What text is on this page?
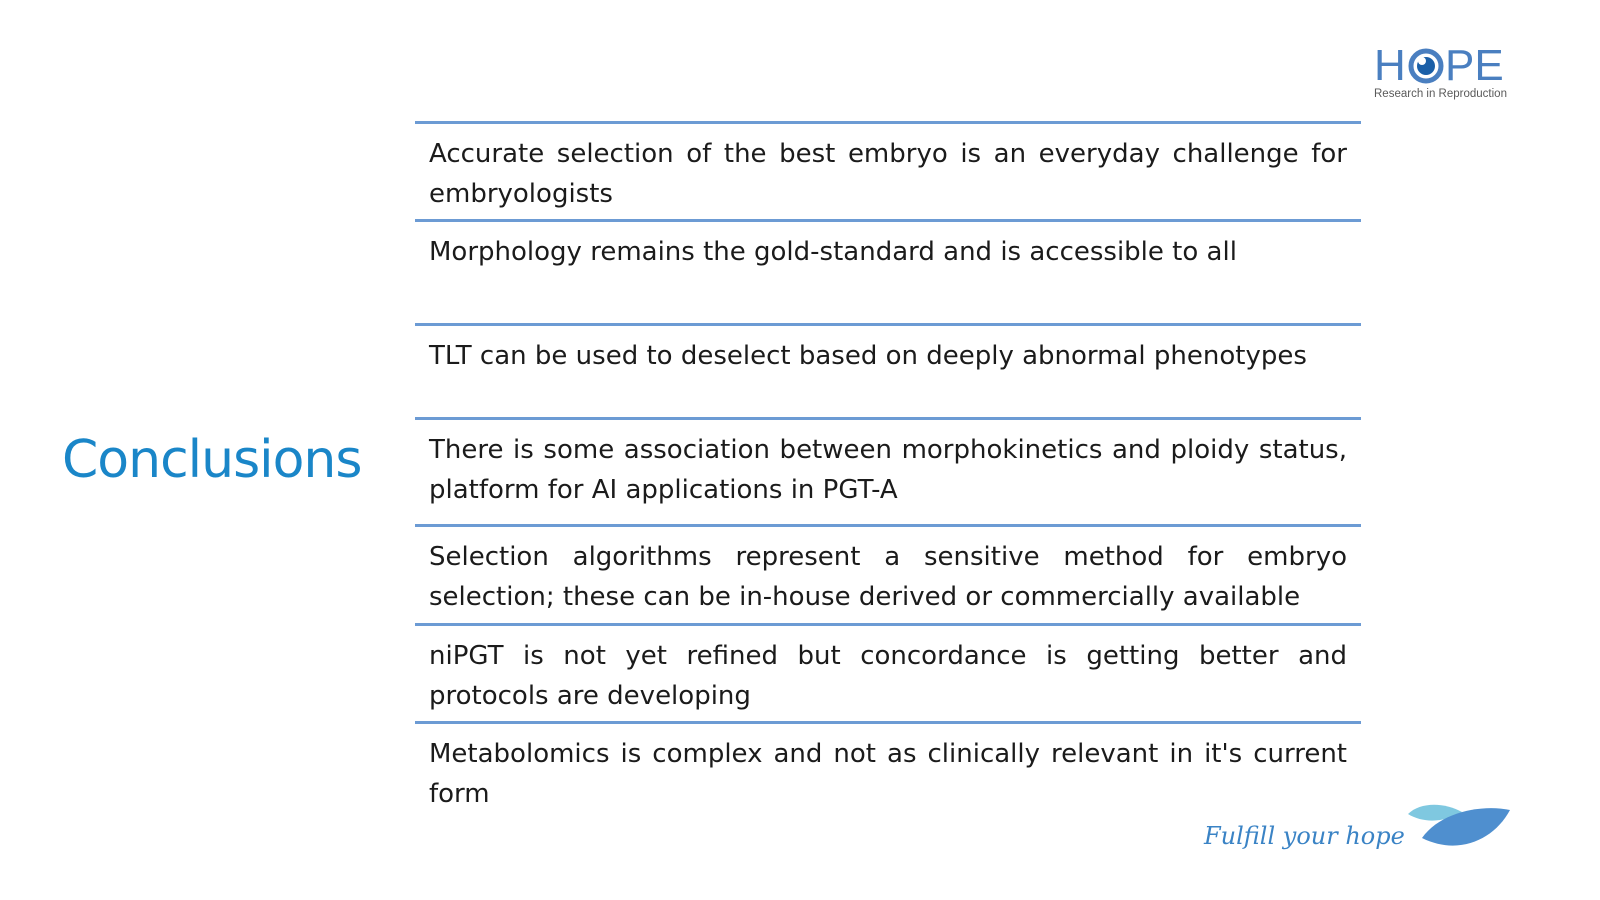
H PE
Research in Reproduction
Conclusions

Accurate selection of the best embryo is an everyday challenge for embryologists

Morphology remains the gold-standard and is accessible to all

TLT can be used to deselect based on deeply abnormal phenotypes

There is some association between morphokinetics and ploidy status, platform for AI applications in PGT-A

Selection algorithms represent a sensitive method for embryo selection; these can be in-house derived or commercially available

niPGT is not yet refined but concordance is getting better and protocols are developing

Metabolomics is complex and not as clinically relevant in it's current form

Fulfill your hope
